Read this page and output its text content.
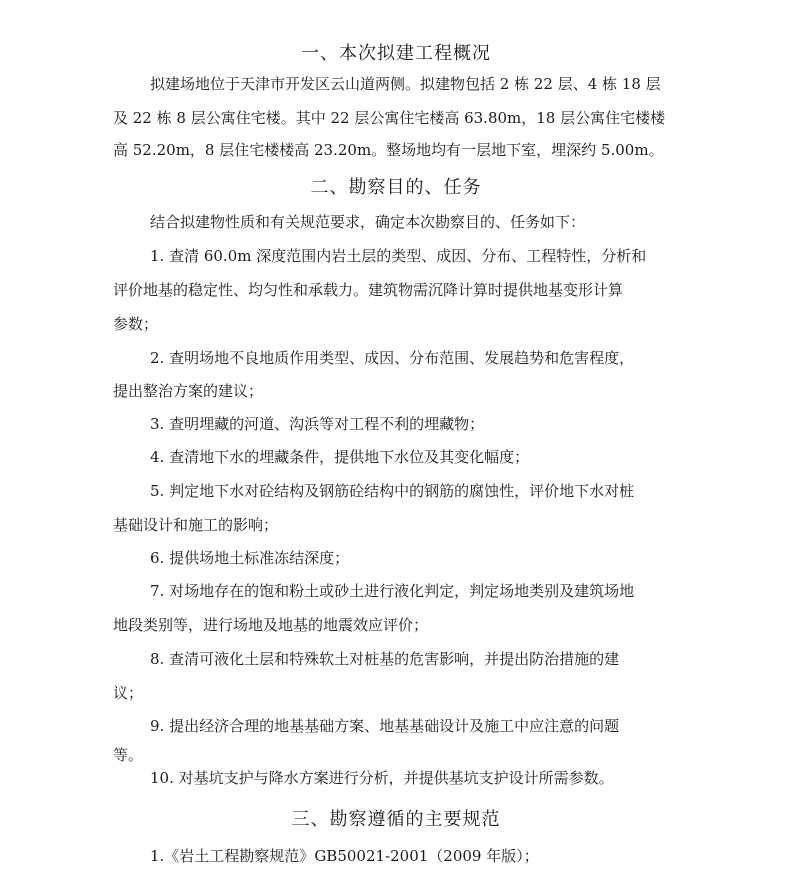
一、本次拟建工程概况
拟建场地位于天津市开发区云山道两侧。拟建物包括 2 栋 22 层、4 栋 18 层
及 22 栋 8 层公寓住宅楼。其中 22 层公寓住宅楼高 63.80m，18 层公寓住宅楼楼
高 52.20m，8 层住宅楼楼高 23.20m。整场地均有一层地下室，埋深约 5.00m。
二、勘察目的、任务
结合拟建物性质和有关规范要求，确定本次勘察目的、任务如下：
1. 查清 60.0m 深度范围内岩土层的类型、成因、分布、工程特性，分析和
评价地基的稳定性、均匀性和承载力。建筑物需沉降计算时提供地基变形计算
参数；
2. 查明场地不良地质作用类型、成因、分布范围、发展趋势和危害程度，
提出整治方案的建议；
3. 查明埋藏的河道、沟浜等对工程不利的埋藏物；
4. 查清地下水的埋藏条件，提供地下水位及其变化幅度；
5. 判定地下水对砼结构及钢筋砼结构中的钢筋的腐蚀性，评价地下水对桩
基础设计和施工的影响；
6. 提供场地土标准冻结深度；
7. 对场地存在的饱和粉土或砂土进行液化判定，判定场地类别及建筑场地
地段类别等，进行场地及地基的地震效应评价；
8. 查清可液化土层和特殊软土对桩基的危害影响，并提出防治措施的建
议；
9. 提出经济合理的地基基础方案、地基基础设计及施工中应注意的问题
等。
10. 对基坑支护与降水方案进行分析，并提供基坑支护设计所需参数。
三、勘察遵循的主要规范
1.《岩土工程勘察规范》GB50021-2001（2009 年版）；
